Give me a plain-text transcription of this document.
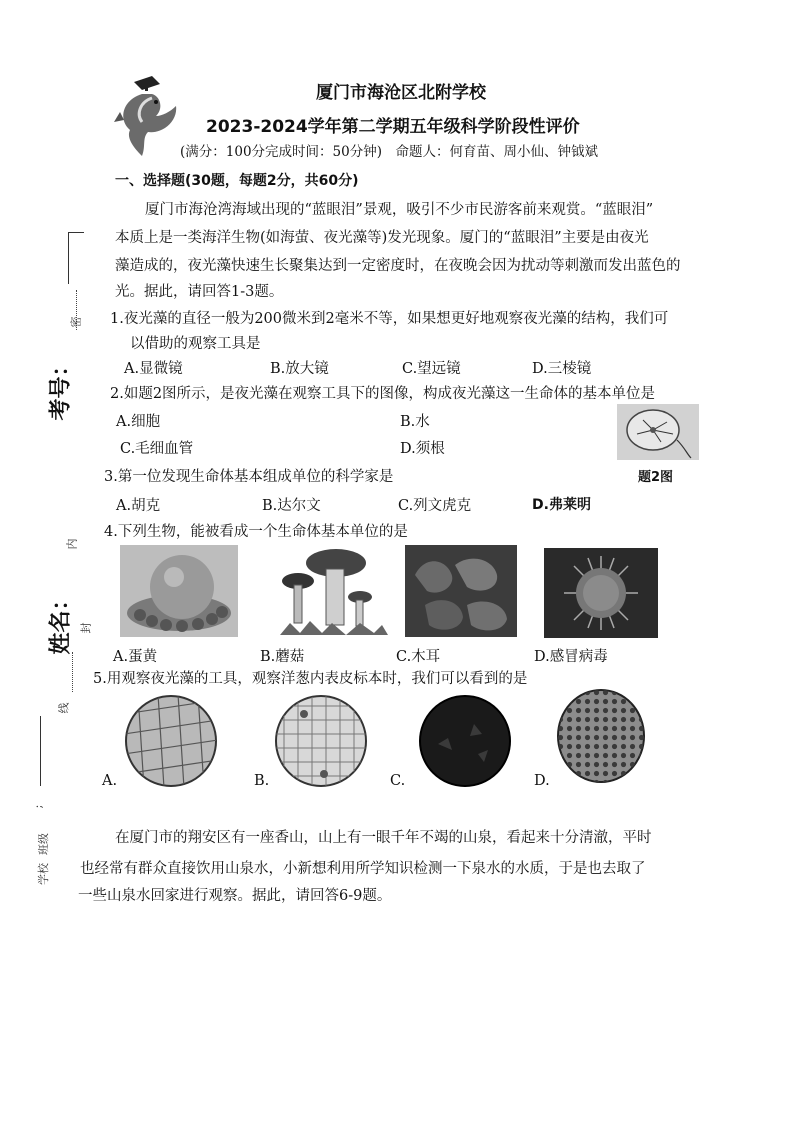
厦门市海沧区北附学校
2023-2024学年第二学期五年级科学阶段性评价
(满分：100分完成时间：50分钟)　命题人：何育苗、周小仙、钟钺斌
一、选择题(30题，每题2分，共60分)
厦门市海沧湾海域出现的“蓝眼泪”景观，吸引不少市民游客前来观赏。“蓝眼泪”
本质上是一类海洋生物(如海萤、夜光藻等)发光现象。厦门的“蓝眼泪”主要是由夜光
藻造成的，夜光藻快速生长聚集达到一定密度时，在夜晚会因为扰动等刺激而发出蓝色的
光。据此，请回答1-3题。
1.夜光藻的直径一般为200微米到2毫米不等，如果想更好地观察夜光藻的结构，我们可
以借助的观察工具是
A.显微镜	B.放大镜	C.望远镜	D.三棱镜
2.如题2图所示，是夜光藻在观察工具下的图像，构成夜光藻这一生命体的基本单位是
A.细胞	B.水
C.毛细血管	D.须根
题2图
3.第一位发现生命体基本组成单位的科学家是
A.胡克	B.达尔文	C.列文虎克	D.弗莱明
4.下列生物，能被看成一个生命体基本单位的是
A.蛋黄	B.蘑菇	C.木耳	D.感冒病毒
5.用观察夜光藻的工具，观察洋葱内表皮标本时，我们可以看到的是
A.	B.	C.	D.
在厦门市的翔安区有一座香山，山上有一眼千年不竭的山泉，看起来十分清澈，平时
也经常有群众直接饮用山泉水，小新想利用所学知识检测一下泉水的水质，于是也去取了
一些山泉水回家进行观察。据此，请回答6-9题。
密
考号：
内
姓名： 封
线
;
班级
学校
